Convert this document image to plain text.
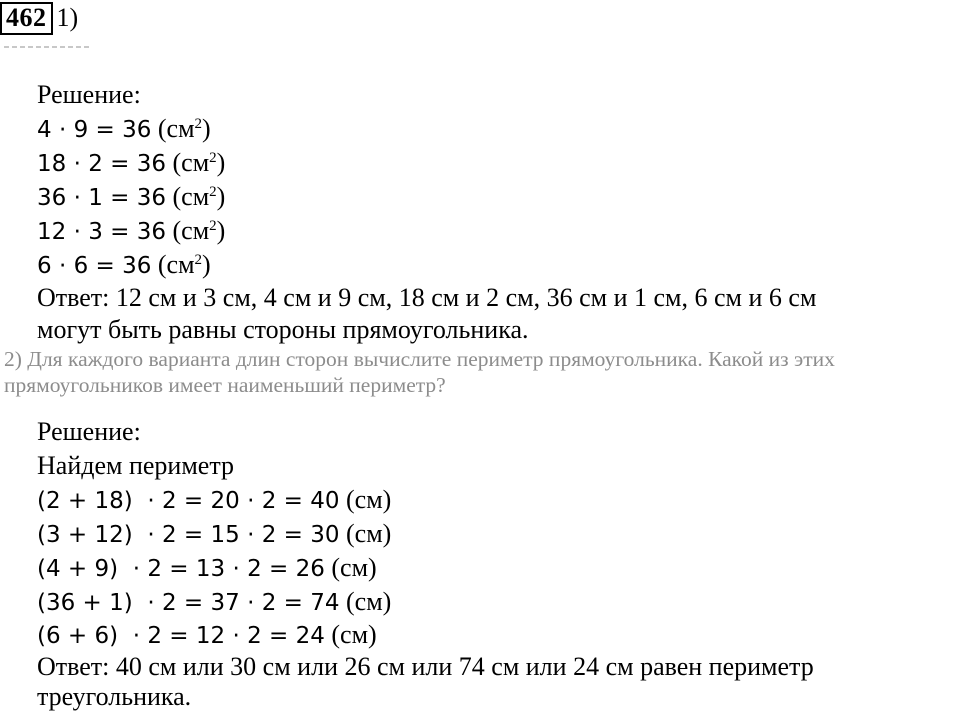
462 1)
Решение:
4 · 9 = 36 $(см^2)$
18 · 2 = 36 $(см^2)$
36 · 1 = 36 $(см^2)$
12 · 3 = 36 $(см^2)$
6 · 6 = 36 $(см^2)$
Ответ: 12 см и 3 см, 4 см и 9 см, 18 см и 2 см, 36 см и 1 см, 6 см и 6 см
могут быть равны стороны прямоугольника.
2) Для каждого варианта длин сторон вычислите периметр прямоугольника. Какой из этих
прямоугольников имеет наименьший периметр?
Решение:
Найдем периметр
(2 + 18)  · 2 = 20 · 2 = 40 (см)
(3 + 12)  · 2 = 15 · 2 = 30 (см)
(4 + 9)  · 2 = 13 · 2 = 26 (см)
(36 + 1)  · 2 = 37 · 2 = 74 (см)
(6 + 6)  · 2 = 12 · 2 = 24 (см)
Ответ: 40 см или 30 см или 26 см или 74 см или 24 см равен периметр
треугольника.
